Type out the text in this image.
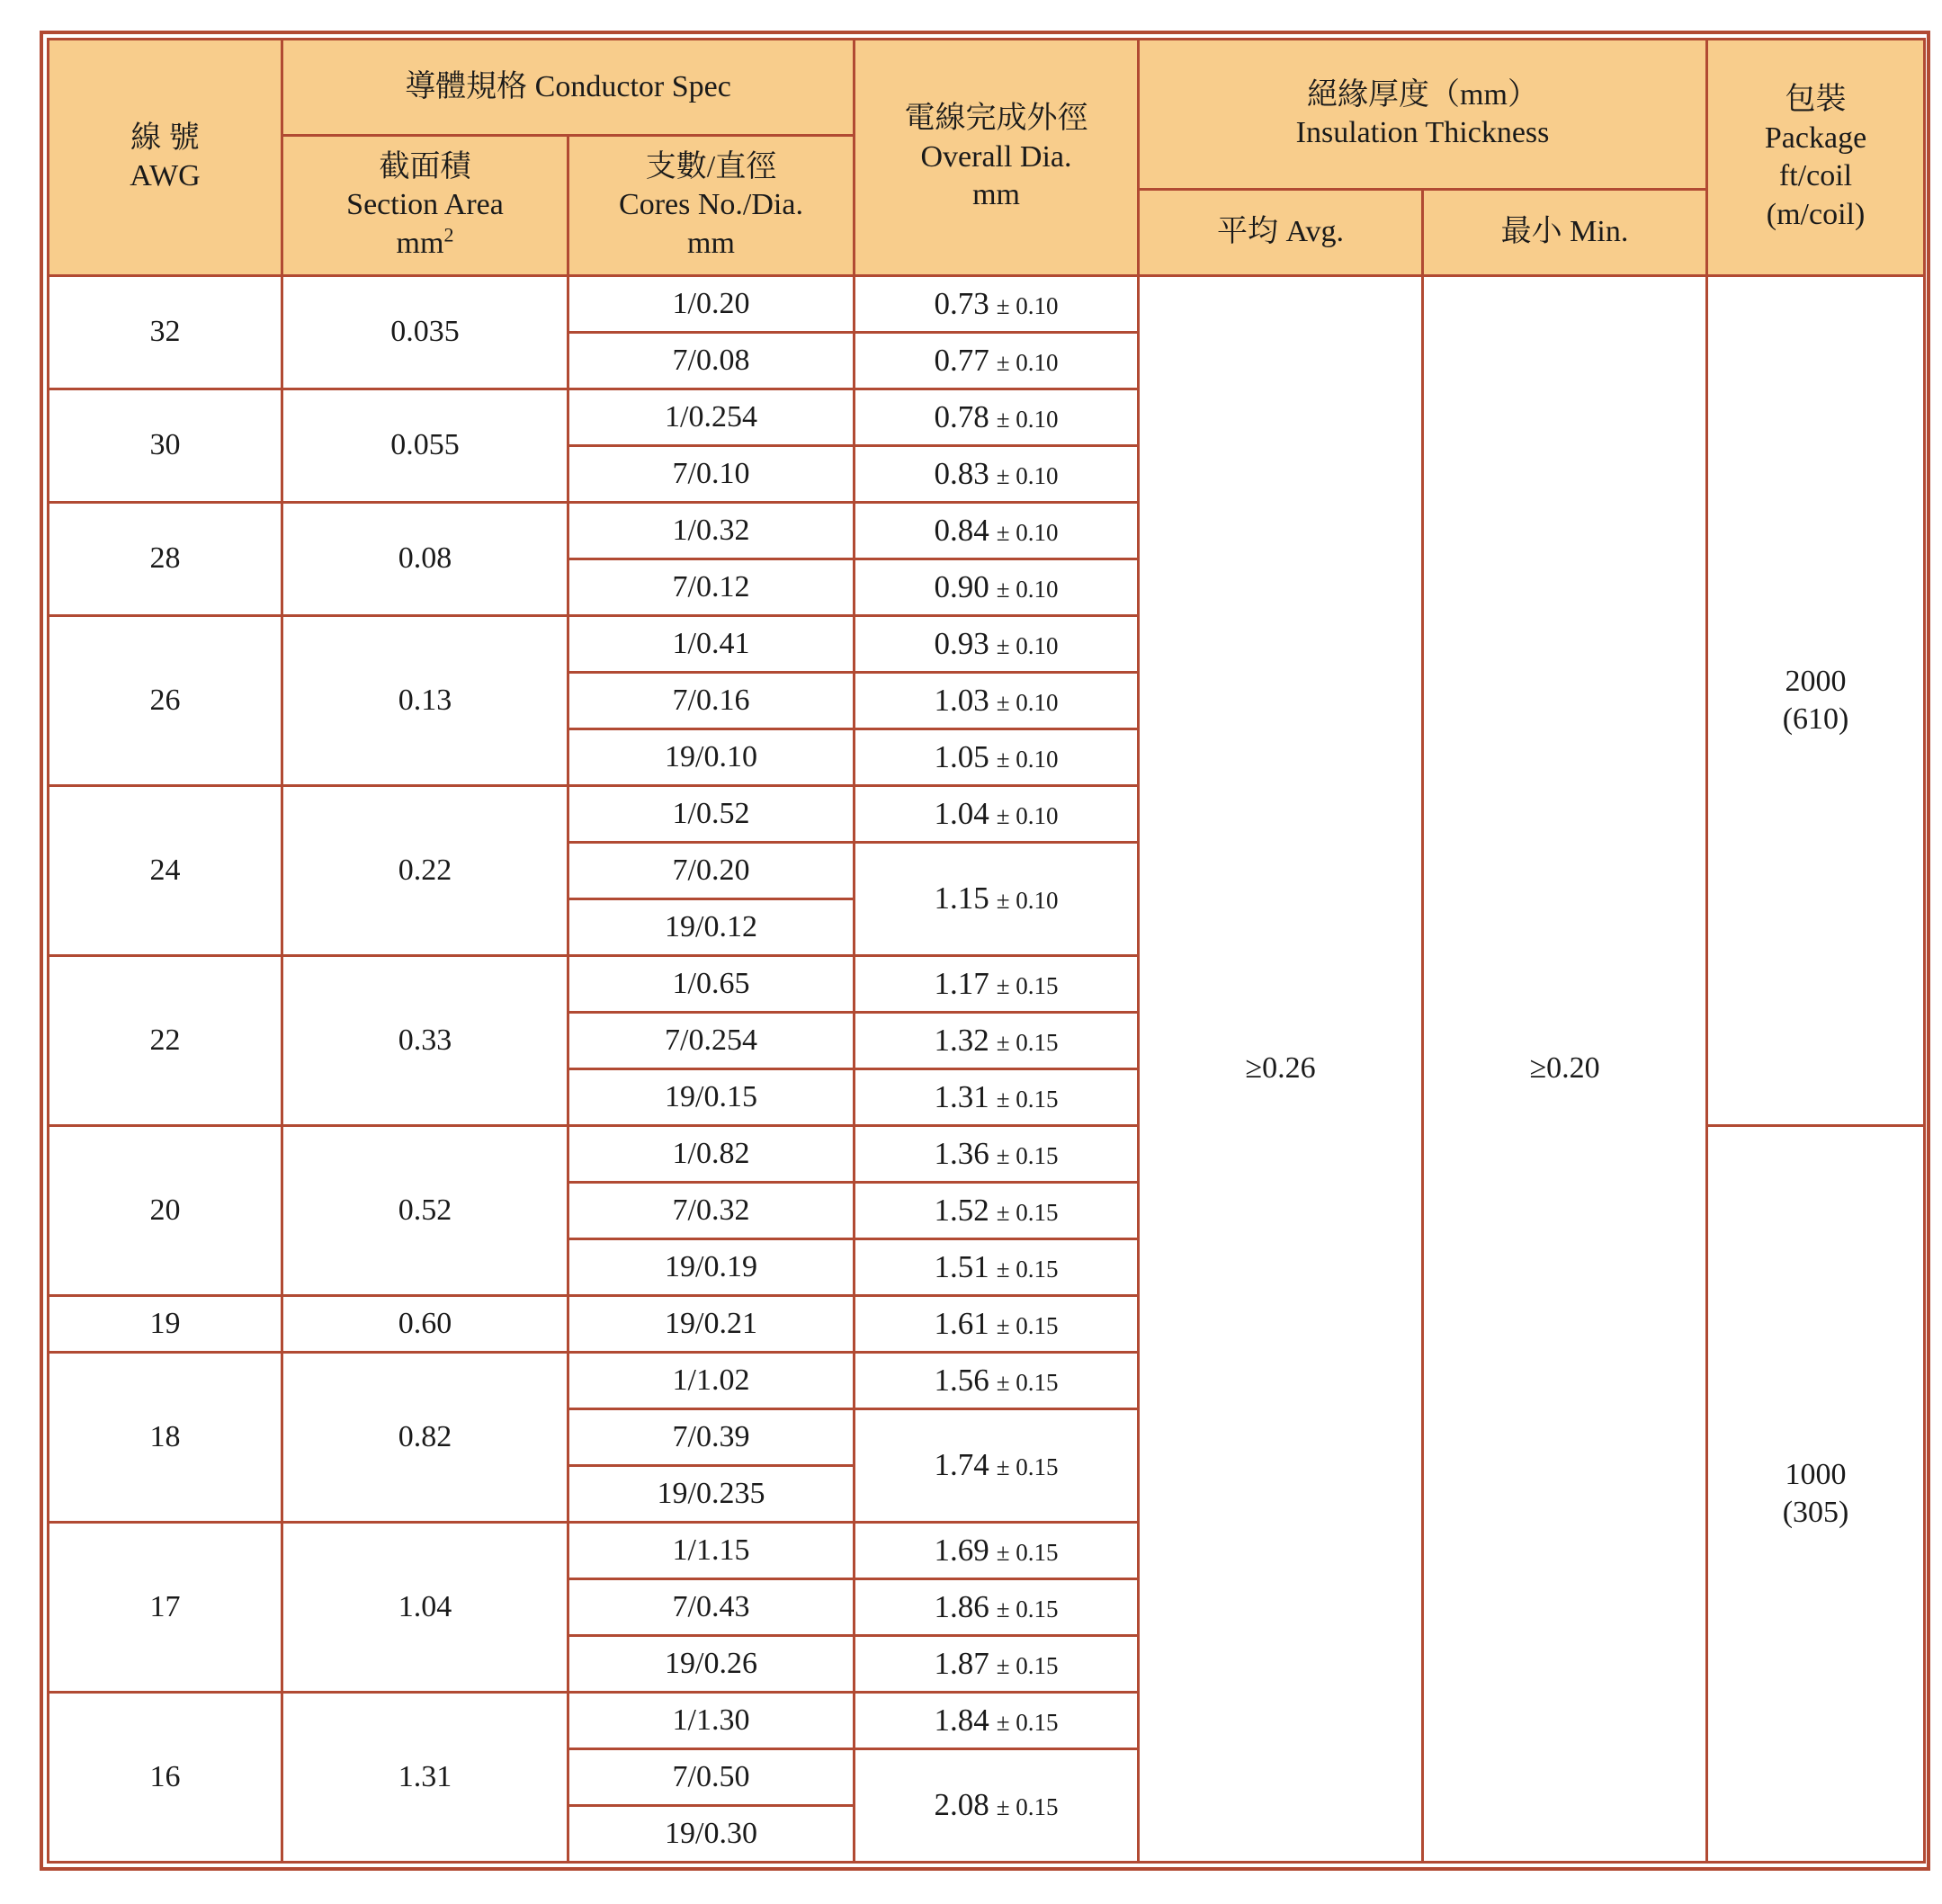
線 號
AWG	導體規格 Conductor Spec		電線完成外徑
Overall Dia.
mm	絕緣厚度（mm）
Insulation Thickness		包裝
Package
ft/coil
(m/coil)

	截面積
Section Area
$mm^2$	支數/直徑
Cores No./Dia.
mm				

				平均 Avg.	最小 Min.	
32	0.035	1/0.20	0.73 ± 0.10	≥0.26	≥0.20	2000
(610)

		7/0.08	0.77 ± 0.10			
30	0.055	1/0.254	0.78 ± 0.10			
		7/0.10	0.83 ± 0.10			
28	0.08	1/0.32	0.84 ± 0.10			
		7/0.12	0.90 ± 0.10			
26	0.13	1/0.41	0.93 ± 0.10			
		7/0.16	1.03 ± 0.10			
		19/0.10	1.05 ± 0.10			
24	0.22	1/0.52	1.04 ± 0.10			
		7/0.20	1.15 ± 0.10			
		19/0.12				
22	0.33	1/0.65	1.17 ± 0.15			
		7/0.254	1.32 ± 0.15			
		19/0.15	1.31 ± 0.15			
20	0.52	1/0.82	1.36 ± 0.15			1000
(305)

		7/0.32	1.52 ± 0.15			
		19/0.19	1.51 ± 0.15			
19	0.60	19/0.21	1.61 ± 0.15			
18	0.82	1/1.02	1.56 ± 0.15			
		7/0.39	1.74 ± 0.15			
		19/0.235				
17	1.04	1/1.15	1.69 ± 0.15			
		7/0.43	1.86 ± 0.15			
		19/0.26	1.87 ± 0.15			
16	1.31	1/1.30	1.84 ± 0.15			
		7/0.50	2.08 ± 0.15			
		19/0.30				
